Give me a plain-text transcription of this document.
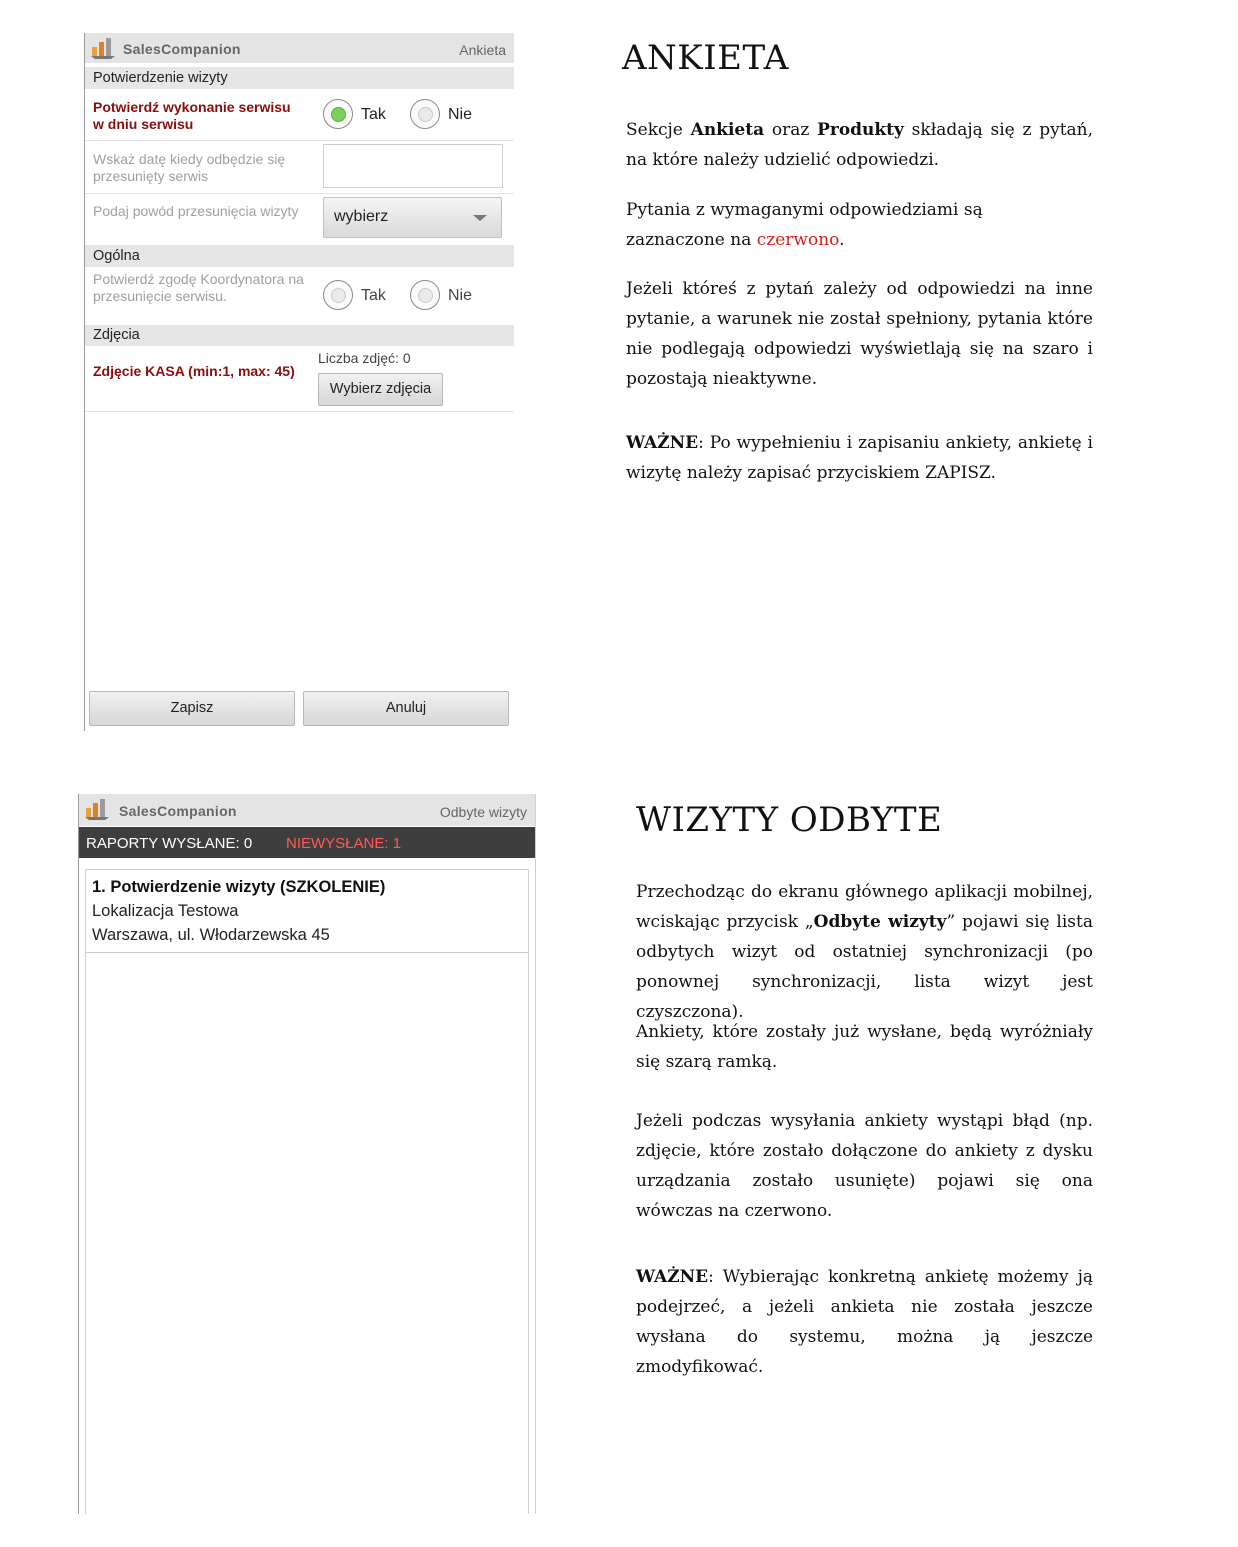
SalesCompanion	Ankieta
Potwierdzenie wizyty
Potwierdź wykonanie serwisu w dniu serwisu
Tak	Nie
Wskaż datę kiedy odbędzie się przesunięty serwis
Podaj powód przesunięcia wizyty	wybierz
Ogólna
Potwierdź zgodę Koordynatora na przesunięcie serwisu.	Tak	Nie
Zdjęcia
Zdjęcie KASA (min:1, max: 45)
Liczba zdjęć: 0
Wybierz zdjęcia
Zapisz	Anuluj
ANKIETA

Sekcje Ankieta oraz Produkty składają się z pytań, na które należy udzielić odpowiedzi.

Pytania z wymaganymi odpowiedziami są zaznaczone na czerwono.

Jeżeli któreś z pytań zależy od odpowiedzi na inne pytanie, a warunek nie został spełniony, pytania które nie podlegają odpowiedzi wyświetlają się na szaro i pozostają nieaktywne.

WAŻNE: Po wypełnieniu i zapisaniu ankiety, ankietę i wizytę należy zapisać przyciskiem ZAPISZ.

SalesCompanion	Odbyte wizyty
RAPORTY WYSŁANE: 0 NIEWYSŁANE: 1
1. Potwierdzenie wizyty (SZKOLENIE)
Lokalizacja Testowa
Warszawa, ul. Włodarzewska 45
WIZYTY ODBYTE

Przechodząc do ekranu głównego aplikacji mobilnej, wciskając przycisk „Odbyte wizyty” pojawi się lista odbytych wizyt od ostatniej synchronizacji (po ponownej synchronizacji, lista wizyt jest czyszczona).

Ankiety, które zostały już wysłane, będą wyróżniały się szarą ramką.

Jeżeli podczas wysyłania ankiety wystąpi błąd (np. zdjęcie, które zostało dołączone do ankiety z dysku urządzania zostało usunięte) pojawi się ona wówczas na czerwono.

WAŻNE: Wybierając konkretną ankietę możemy ją podejrzeć, a jeżeli ankieta nie została jeszcze wysłana do systemu, można ją jeszcze zmodyfikować.
